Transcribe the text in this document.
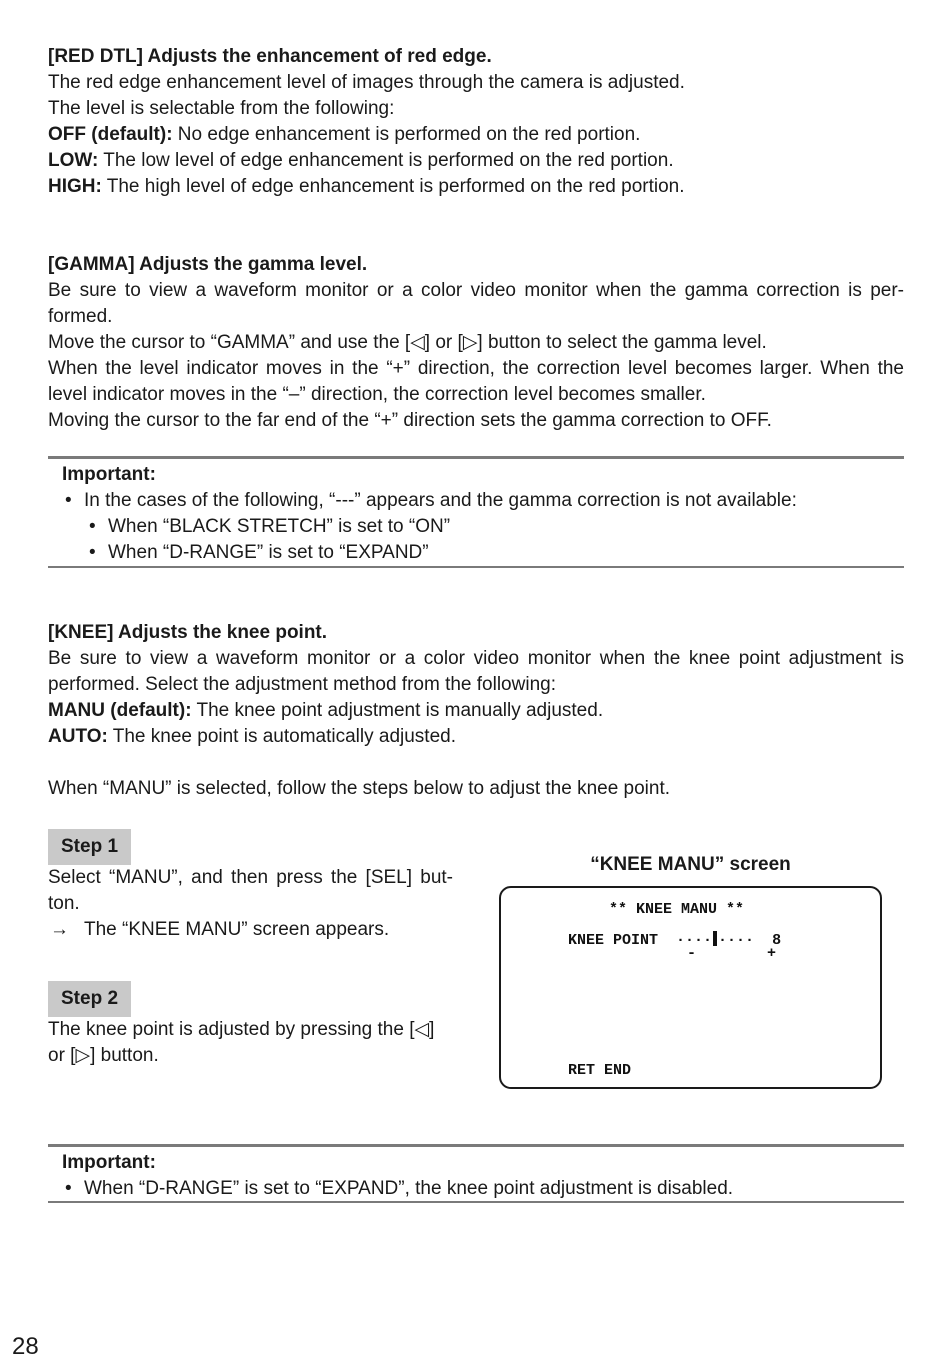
[RED DTL] Adjusts the enhancement of red edge.

The red edge enhancement level of images through the camera is adjusted.

The level is selectable from the following:

OFF (default): No edge enhancement is performed on the red portion.

LOW: The low level of edge enhancement is performed on the red portion.

HIGH: The high level of edge enhancement is performed on the red portion.

[GAMMA] Adjusts the gamma level.

Be sure to view a waveform monitor or a color video monitor when the gamma correction is per-formed.

Move the cursor to “GAMMA” and use the [◁] or [▷] button to select the gamma level.

When the level indicator moves in the “+” direction, the correction level becomes larger. When the level indicator moves in the “–” direction, the correction level becomes smaller.

Moving the cursor to the far end of the “+” direction sets the gamma correction to OFF.

Important:
• In the cases of the following, “---” appears and the gamma correction is not available:
• When “BLACK STRETCH” is set to “ON”
• When “D-RANGE” is set to “EXPAND”

[KNEE] Adjusts the knee point.

Be sure to view a waveform monitor or a color video monitor when the knee point adjustment is performed. Select the adjustment method from the following:

MANU (default): The knee point adjustment is manually adjusted.

AUTO: The knee point is automatically adjusted.

When “MANU” is selected, follow the steps below to adjust the knee point.

Step 1

Select “MANU”, and then press the [SEL] but-ton.

→ The “KNEE MANU” screen appears.

Step 2

The knee point is adjusted by pressing the [◁] or [▷] button.

“KNEE MANU” screen
** KNEE MANU **
KNEE POINT ···· ···· 8
-	+
RET END
Important:
• When “D-RANGE” is set to “EXPAND”, the knee point adjustment is disabled.
28
